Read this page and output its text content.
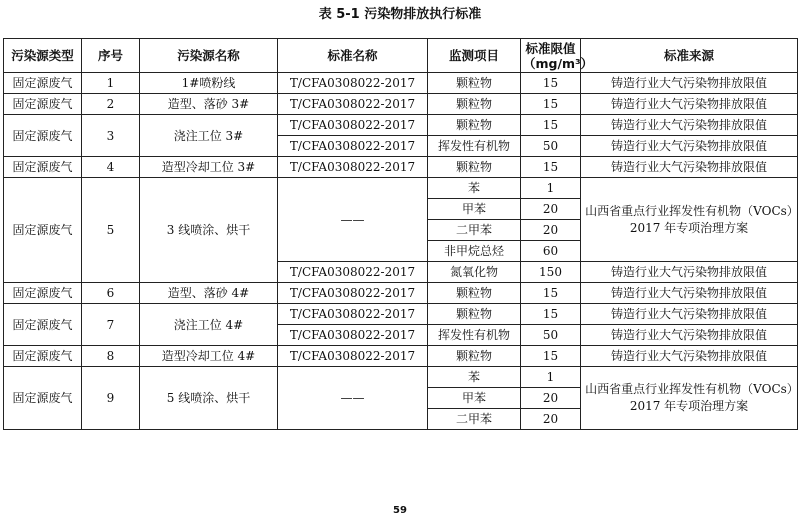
表 5-1 污染物排放执行标准
污染源类型	序号	污染源名称	标准名称	监测项目	标准限值（mg/m³）	标准来源
固定源废气	1	1#喷粉线	T/CFA0308022-2017	颗粒物	15	铸造行业大气污染物排放限值
固定源废气	2	造型、落砂 3#	T/CFA0308022-2017	颗粒物	15	铸造行业大气污染物排放限值
固定源废气	3	浇注工位 3#	T/CFA0308022-2017	颗粒物	15	铸造行业大气污染物排放限值
			T/CFA0308022-2017	挥发性有机物	50	铸造行业大气污染物排放限值
固定源废气	4	造型冷却工位 3#	T/CFA0308022-2017	颗粒物	15	铸造行业大气污染物排放限值
固定源废气	5	3 线喷涂、烘干	——	苯	1	山西省重点行业挥发性有机物（VOCs）2017 年专项治理方案
				甲苯	20	
				二甲苯	20	
				非甲烷总烃	60	
			T/CFA0308022-2017	氮氧化物	150	铸造行业大气污染物排放限值
固定源废气	6	造型、落砂 4#	T/CFA0308022-2017	颗粒物	15	铸造行业大气污染物排放限值
固定源废气	7	浇注工位 4#	T/CFA0308022-2017	颗粒物	15	铸造行业大气污染物排放限值
			T/CFA0308022-2017	挥发性有机物	50	铸造行业大气污染物排放限值
固定源废气	8	造型冷却工位 4#	T/CFA0308022-2017	颗粒物	15	铸造行业大气污染物排放限值
固定源废气	9	5 线喷涂、烘干	——	苯	1	山西省重点行业挥发性有机物（VOCs）2017 年专项治理方案
				甲苯	20	
				二甲苯	20	
59
